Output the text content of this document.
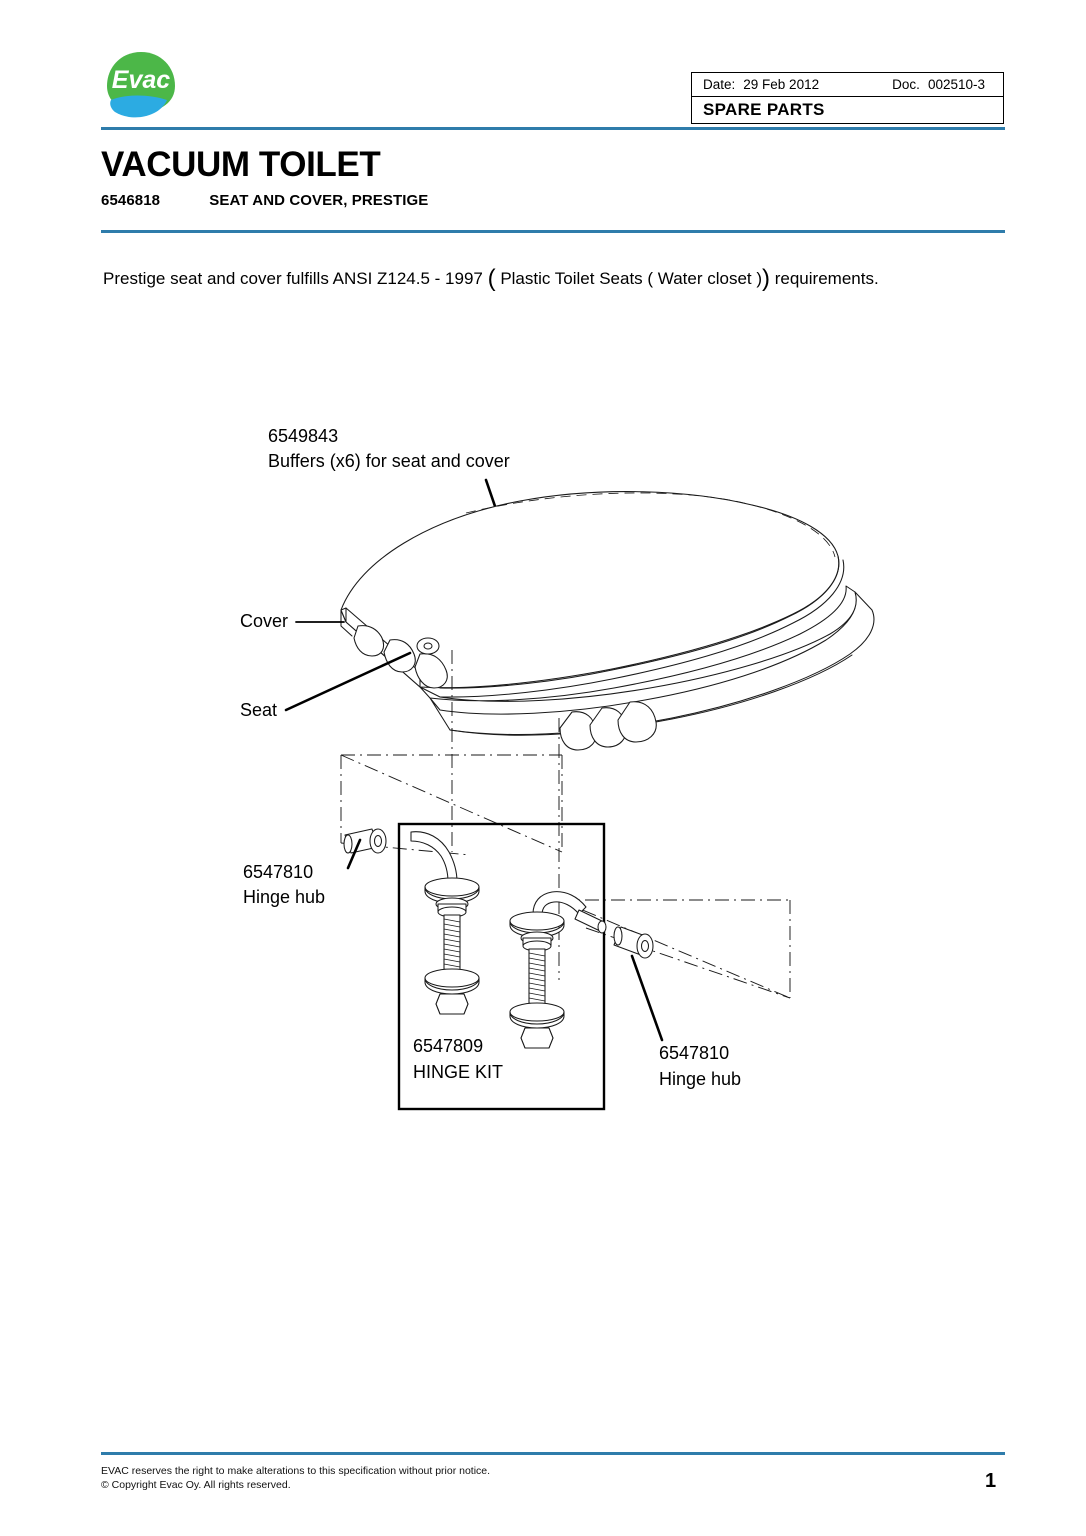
Evac	Date: 29 Feb 2012	Doc. 002510-3
SPARE PARTS
VACUUM TOILET
6546818	SEAT AND COVER, PRESTIGE
Prestige seat and cover fulfills ANSI Z124.5 - 1997 ( Plastic Toilet Seats ( Water closet )) requirements.
6549843
Buffers (x6) for seat and cover
Cover
Seat
6547810
Hinge hub
6547809
HINGE KIT
6547810
Hinge hub
EVAC reserves the right to make alterations to this specification without prior notice.
© Copyright Evac Oy. All rights reserved.	1
